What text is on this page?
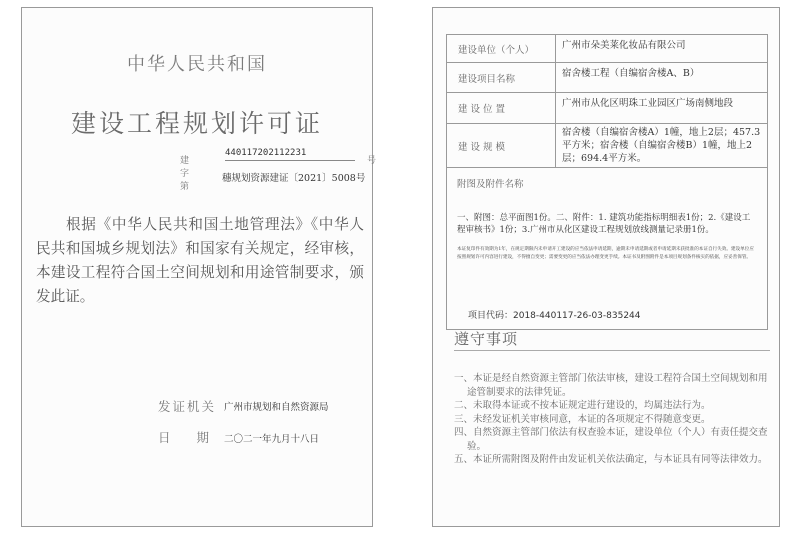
中华人民共和国
建设工程规划许可证
建字第
440117202112231
号
穗规划资源建证〔2021〕5008号
根据《中华人民共和国土地管理法》《中华人民共和国城乡规划法》和国家有关规定，经审核，本建设工程符合国土空间规划和用途管制要求，颁发此证。
发证机关 广州市规划和自然资源局
日 期 二〇二一年九月十八日
建设单位（个人）	广州市朵美莱化妆品有限公司
建设项目名称	宿舍楼工程（自编宿舍楼A、B）
建 设 位 置	广州市从化区明珠工业园区广场南侧地段
建 设 规 模	宿舍楼（自编宿舍楼A）1幢，地上2层；457.3平方米；宿舍楼（自编宿舍楼B）1幢，地上2层；694.4平方米。

附图及附件名称
一、附图：总平面图1份。二、附件：1. 建筑功能指标明细表1份；2.《建设工程审核书》1份；3.广州市从化区建设工程规划放线测量记录册1份。
本证复印件有效期为1年，在规定期限内未申请开工建设的应当依法申请延期，逾期未申请延期或者申请延期未获批准的本证自行失效。建设单位应按照规划许可内容进行建设，不得擅自变更；需要变更的应当依法办理变更手续。本证书及附图附件是本项目规划条件核实的依据，应妥善保管。	
项目代码：2018-440117-26-03-835244
遵守事项
一、本证是经自然资源主管部门依法审核，建设工程符合国土空间规划和用途管制要求的法律凭证。
二、未取得本证或不按本证规定进行建设的，均属违法行为。
三、未经发证机关审核同意，本证的各项规定不得随意变更。
四、自然资源主管部门依法有权查验本证，建设单位（个人）有责任提交查验。
五、本证所需附图及附件由发证机关依法确定，与本证具有同等法律效力。
